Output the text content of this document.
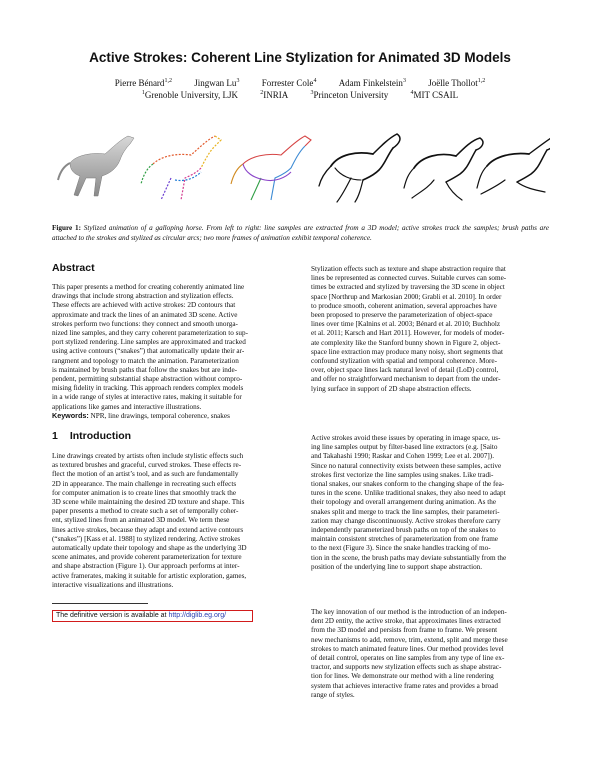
Active Strokes: Coherent Line Stylization for Animated 3D Models
Pierre Bénard$^{1,2}$ Jingwan Lu$^3$ Forrester Cole$^4$ Adam Finkelstein$^3$ Joëlle Thollot$^{1,2}$
$^1$Grenoble University, LJK	$^2$INRIA	$^3$Princeton University	$^4$MIT CSAIL
Figure 1: Stylized animation of a galloping horse. From left to right: line samples are extracted from a 3D model; active strokes track the samples; brush paths are attached to the strokes and stylized as circular arcs; two more frames of animation exhibit temporal coherence.
Abstract

This paper presents a method for creating coherently animated line

drawings that include strong abstraction and stylization effects.

These effects are achieved with active strokes: 2D contours that

approximate and track the lines of an animated 3D scene. Active

strokes perform two functions: they connect and smooth unorga-

nized line samples, and they carry coherent parameterization to sup-

port stylized rendering. Line samples are approximated and tracked

using active contours (“snakes”) that automatically update their ar-

rangment and topology to match the animation. Parameterization

is maintained by brush paths that follow the snakes but are inde-

pendent, permitting substantial shape abstraction without compro-

mising fidelity in tracking. This approach renders complex models

in a wide range of styles at interactive rates, making it suitable for

applications like games and interactive illustrations.

Keywords: NPR, line drawings, temporal coherence, snakes
1 Introduction

Line drawings created by artists often include stylistic effects such

as textured brushes and graceful, curved strokes. These effects re-

flect the motion of an artist’s tool, and as such are fundamentally

2D in appearance. The main challenge in recreating such effects

for computer animation is to create lines that smoothly track the

3D scene while maintaining the desired 2D texture and shape. This

paper presents a method to create such a set of temporally coher-

ent, stylized lines from an animated 3D model. We term these

lines active strokes, because they adapt and extend active contours

(“snakes”) [Kass et al. 1988] to stylized rendering. Active strokes

automatically update their topology and shape as the underlying 3D

scene animates, and provide coherent parameterization for texture

and shape abstraction (Figure 1). Our approach performs at inter-

active framerates, making it suitable for artistic exploration, games,

interactive visualizations and illustrations.

The definitive version is available at http://diglib.eg.org/

Stylization effects such as texture and shape abstraction require that

lines be represented as connected curves. Suitable curves can some-

times be extracted and stylized by traversing the 3D scene in object

space [Northrup and Markosian 2000; Grabli et al. 2010]. In order

to produce smooth, coherent animation, several approaches have

been proposed to preserve the parameterization of object-space

lines over time [Kalnins et al. 2003; Bénard et al. 2010; Buchholz

et al. 2011; Karsch and Hart 2011]. However, for models of moder-

ate complexity like the Stanford bunny shown in Figure 2, object-

space line extraction may produce many noisy, short segments that

confound stylization with spatial and temporal coherence. More-

over, object space lines lack natural level of detail (LoD) control,

and offer no straightforward mechanism to depart from the under-

lying surface in support of 2D shape abstraction effects.

Active strokes avoid these issues by operating in image space, us-

ing line samples output by filter-based line extractors (e.g. [Saito

and Takahashi 1990; Raskar and Cohen 1999; Lee et al. 2007]).

Since no natural connectivity exists between these samples, active

strokes first vectorize the line samples using snakes. Like tradi-

tional snakes, our snakes conform to the changing shape of the fea-

tures in the scene. Unlike traditional snakes, they also need to adapt

their topology and overall arrangement during animation. As the

snakes split and merge to track the line samples, their parameteri-

zation may change discontinuously. Active strokes therefore carry

independently parameterized brush paths on top of the snakes to

maintain consistent stretches of parameterization from one frame

to the next (Figure 3). Since the snake handles tracking of mo-

tion in the scene, the brush paths may deviate substantially from the

position of the underlying line to support shape abstraction.

The key innovation of our method is the introduction of an indepen-

dent 2D entity, the active stroke, that approximates lines extracted

from the 3D model and persists from frame to frame. We present

new mechanisms to add, remove, trim, extend, split and merge these

strokes to match animated feature lines. Our method provides level

of detail control, operates on line samples from any type of line ex-

tractor, and supports new stylization effects such as shape abstrac-

tion for lines. We demonstrate our method with a line rendering

system that achieves interactive frame rates and provides a broad

range of styles.
